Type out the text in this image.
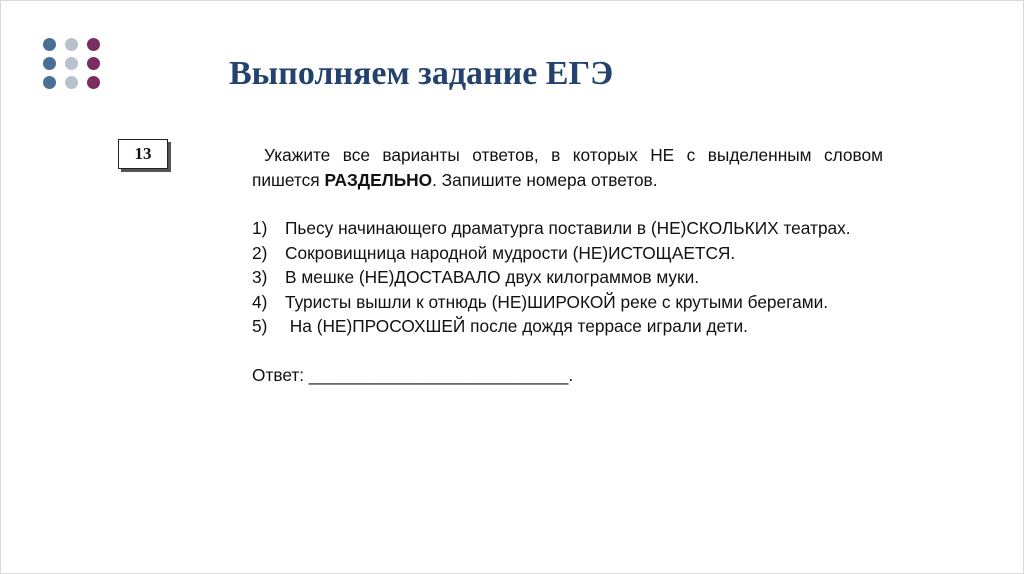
Выполняем задание ЕГЭ
13	Укажите все варианты ответов, в которых НЕ с выделенным словом пишется РАЗДЕЛЬНО. Запишите номера ответов.
1)	Пьесу начинающего драматурга поставили в (НЕ)СКОЛЬКИХ театрах.
2)	Сокровищница народной мудрости (НЕ)ИСТОЩАЕТСЯ.
3)	В мешке (НЕ)ДОСТАВАЛО двух килограммов муки.
4)	Туристы вышли к отнюдь (НЕ)ШИРОКОЙ реке с крутыми берегами.
5)	На (НЕ)ПРОСОХШЕЙ после дождя террасе играли дети.
Ответ: ___________________________.
